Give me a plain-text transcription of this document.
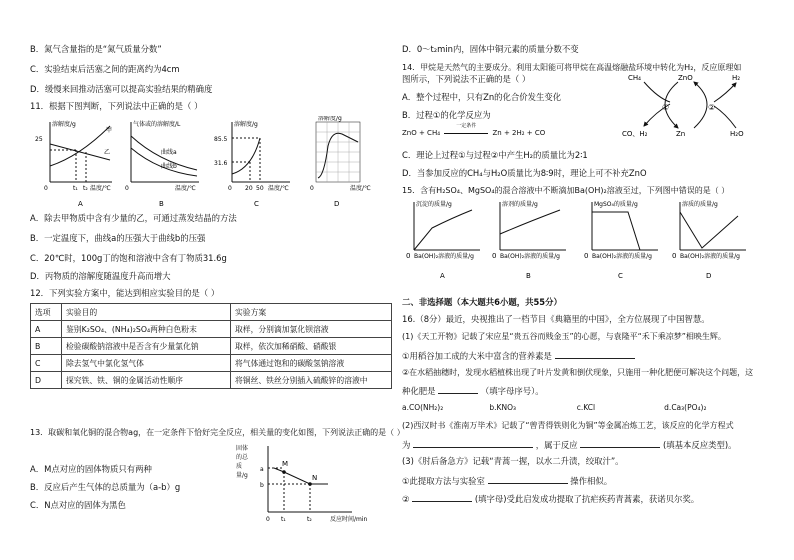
B．氮气含量指的是“氮气质量分数”
C．实验结束后活塞之间的距离约为4cm
D．缓慢来回推动活塞可以提高实验结果的精确度
11．根据下图判断，下列说法中正确的是（ ）
溶解度/g
25
甲
乙
0	t₁ t₂ 温度/℃
A
气体或的溶解度/L
曲线a
曲线b
0	温度/℃
B
溶解度/g
85.5
31.6
0 20 50 温度/℃
C
溶解度/g
0	温度/℃
D
A．除去甲物质中含有少量的乙，可通过蒸发结晶的方法
B．一定温度下，曲线a的压强大于曲线b的压强
C．20℃时，100g丁的饱和溶液中含有丁物质31.6g
D．丙物质的溶解度随温度升高而增大
12．下列实验方案中，能达到相应实验目的是（ ）
选项	实验目的	实验方案
A	鉴别K₂SO₄、(NH₄)₂SO₄两种白色粉末	取样，分别滴加氯化钡溶液
B	检验碳酸钠溶液中是否含有少量氯化钠	取样，依次加稀硝酸、硝酸银
C	除去氢气中氯化氢气体	将气体通过饱和的碳酸氢钠溶液
D	探究铁、铁、铜的金属活动性顺序	将铜丝、铁丝分别插入硫酸锌的溶液中
13．取碳和氧化铜的混合物ag，在一定条件下恰好完全反应，相关量的变化如图，下列说法正确的是（ ）
A．M点对应的固体物质只有两种
B．反应后产生气体的总质量为（a-b）g
C．N点对应的固体为黑色
M
N
a
b
0 t₁	t₂	反应时间/min
固体的总质量/g
D．0～t₂min内，固体中铜元素的质量分数不变
14．甲烷是天然气的主要成分。利用太阳能可将甲烷在高温熔融盐环境中转化为H₂，反应原理如
图所示，下列说法不正确的是（ ）
A．整个过程中，只有Zn的化合价发生变化
B．过程①的化学反应为
ZnO + CH₄
一定条件
Zn + 2H₂ + CO
CH₄	ZnO	H₂
CO、H₂	Zn	H₂O
①	②
C．理论上过程①与过程②中产生H₂的质量比为2∶1
D．当参加反应的CH₄与H₂O质量比为8∶9时，理论上可不补充ZnO
15．含有H₂SO₄、MgSO₄的混合溶液中不断滴加Ba(OH)₂溶液至过，下列图中错误的是（ ）
沉淀的质量/g
0 Ba(OH)₂溶液的质量/g
A
溶剂的质量/g
0 Ba(OH)₂溶液的质量/g
B
MgSO₄的质量/g
0 Ba(OH)₂溶液的质量/g
C
溶质的质量/g
0 Ba(OH)₂溶液的质量/g
D
二、非选择题（本大题共6小题，共55分）
16.（8分）最近，央视推出了一档节目《典籍里的中国》，全方位展现了中国智慧。
(1)《天工开物》记载了宋应星“贵五谷而贱金玉”的心愿，与袁隆平“禾下乘凉梦”相映生辉。
①用稻谷加工成的大米中富含的营养素是
②在水稻抽穗时，发现水稻植株出现了叶片发黄和倒伏现象，只施用一种化肥便可解决这个问题，这
种化肥是	（填字母序号）。
a.CO(NH₂)₂	b.KNO₃	c.KCl	d.Ca₃(PO₄)₂
(2)西汉时书《淮南万毕术》记载了“曾青得铁则化为铜”等金属冶炼工艺，该反应的化学方程式
为	，属于反应	(填基本反应类型)。
(3)《肘后备急方》记载“青蒿一握，以水二升渍，绞取汁”。
①此提取方法与实验室	操作相似。
②	(填字母)受此启发成功提取了抗疟疾药青蒿素，获诺贝尔奖。
